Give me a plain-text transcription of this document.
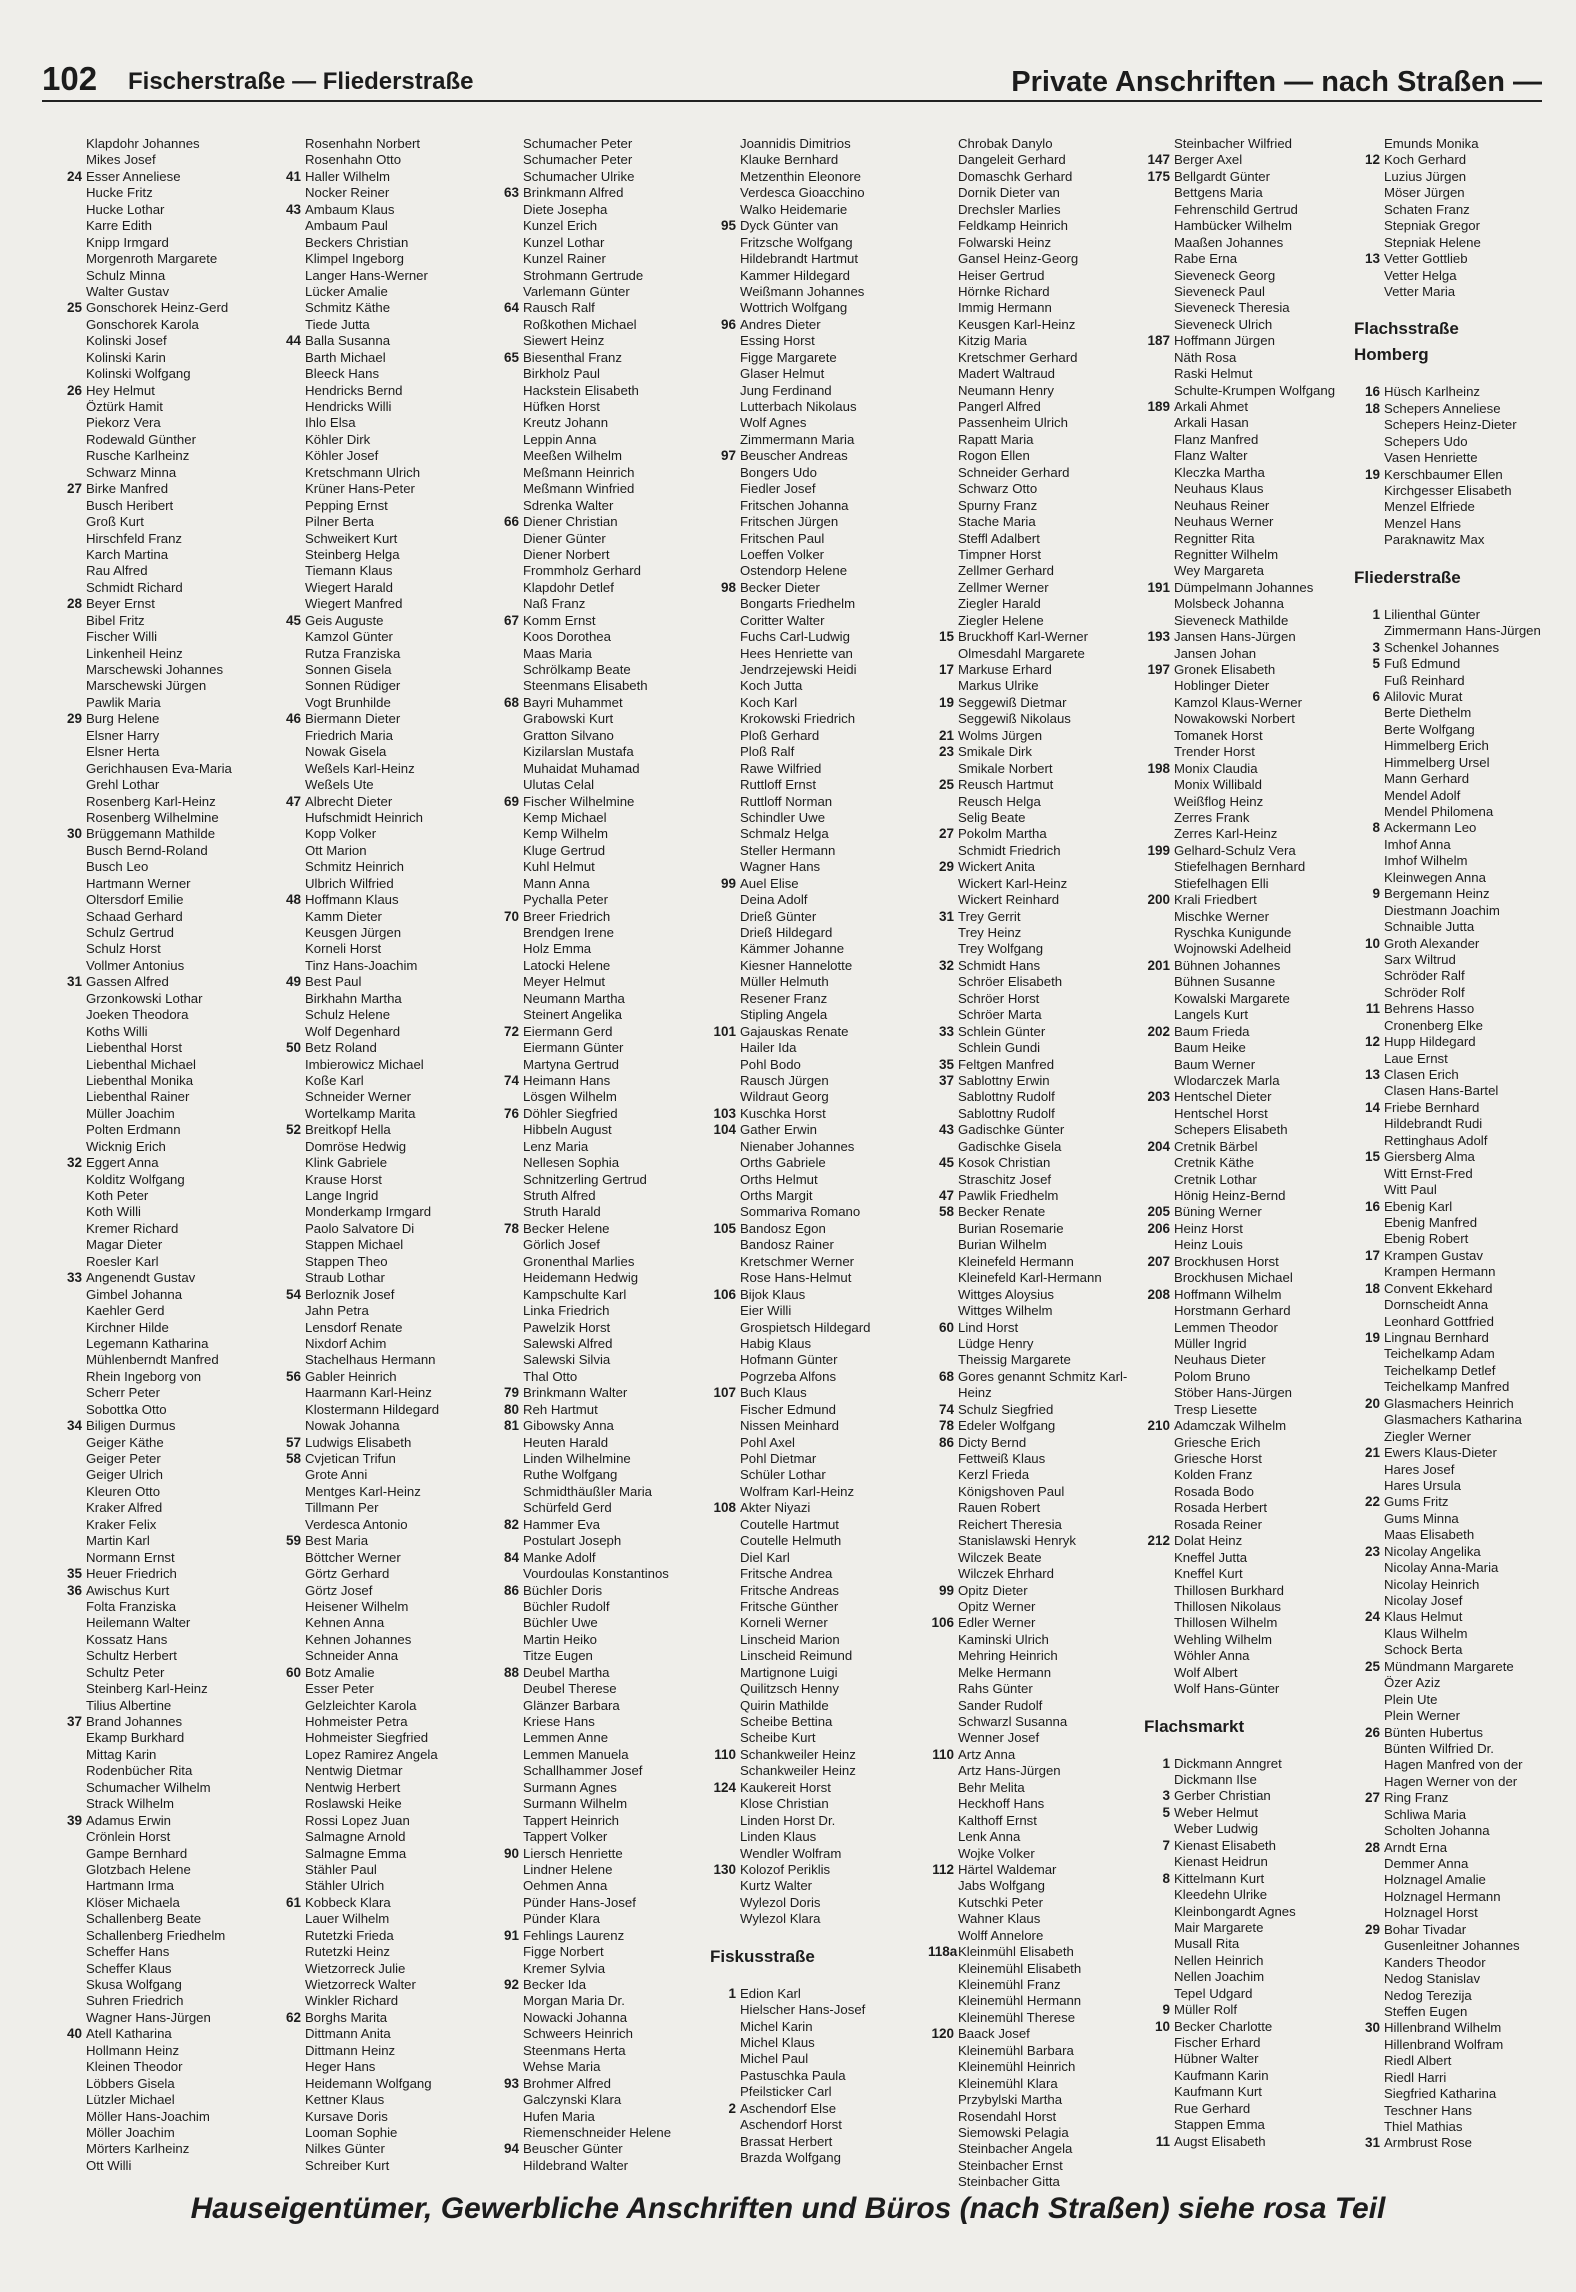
102 Fischerstraße — Fliederstraße	Private Anschriften — nach Straßen —
Klapdohr Johannes
Mikes Josef
24 Esser Anneliese
Hucke Fritz
Hucke Lothar
Karre Edith
Knipp Irmgard
Morgenroth Margarete
Schulz Minna
Walter Gustav
25 Gonschorek Heinz-Gerd
Gonschorek Karola
Kolinski Josef
Kolinski Karin
Kolinski Wolfgang
26 Hey Helmut
Öztürk Hamit
Piekorz Vera
Rodewald Günther
Rusche Karlheinz
Schwarz Minna
27 Birke Manfred
Busch Heribert
Groß Kurt
Hirschfeld Franz
Karch Martina
Rau Alfred
Schmidt Richard
28 Beyer Ernst
Bibel Fritz
Fischer Willi
Linkenheil Heinz
Marschewski Johannes
Marschewski Jürgen
Pawlik Maria
29 Burg Helene
Elsner Harry
Elsner Herta
Gerichhausen Eva-Maria
Grehl Lothar
Rosenberg Karl-Heinz
Rosenberg Wilhelmine
30 Brüggemann Mathilde
Busch Bernd-Roland
Busch Leo
Hartmann Werner
Oltersdorf Emilie
Schaad Gerhard
Schulz Gertrud
Schulz Horst
Vollmer Antonius
31 Gassen Alfred
Grzonkowski Lothar
Joeken Theodora
Koths Willi
Liebenthal Horst
Liebenthal Michael
Liebenthal Monika
Liebenthal Rainer
Müller Joachim
Polten Erdmann
Wicknig Erich
32 Eggert Anna
Kolditz Wolfgang
Koth Peter
Koth Willi
Kremer Richard
Magar Dieter
Roesler Karl
33 Angenendt Gustav
Gimbel Johanna
Kaehler Gerd
Kirchner Hilde
Legemann Katharina
Mühlenberndt Manfred
Rhein Ingeborg von
Scherr Peter
Sobottka Otto
34 Biligen Durmus
Geiger Käthe
Geiger Peter
Geiger Ulrich
Kleuren Otto
Kraker Alfred
Kraker Felix
Martin Karl
Normann Ernst
35 Heuer Friedrich
36 Awischus Kurt
Folta Franziska
Heilemann Walter
Kossatz Hans
Schultz Herbert
Schultz Peter
Steinberg Karl-Heinz
Tilius Albertine
37 Brand Johannes
Ekamp Burkhard
Mittag Karin
Rodenbücher Rita
Schumacher Wilhelm
Strack Wilhelm
39 Adamus Erwin
Crönlein Horst
Gampe Bernhard
Glotzbach Helene
Hartmann Irma
Klöser Michaela
Schallenberg Beate
Schallenberg Friedhelm
Scheffer Hans
Scheffer Klaus
Skusa Wolfgang
Suhren Friedrich
Wagner Hans-Jürgen
40 Atell Katharina
Hollmann Heinz
Kleinen Theodor
Löbbers Gisela
Lützler Michael
Möller Hans-Joachim
Möller Joachim
Mörters Karlheinz
Ott Willi
Rosenhahn Norbert
Rosenhahn Otto
41 Haller Wilhelm
Nocker Reiner
43 Ambaum Klaus
Ambaum Paul
Beckers Christian
Klimpel Ingeborg
Langer Hans-Werner
Lücker Amalie
Schmitz Käthe
Tiede Jutta
44 Balla Susanna
Barth Michael
Bleeck Hans
Hendricks Bernd
Hendricks Willi
Ihlo Elsa
Köhler Dirk
Köhler Josef
Kretschmann Ulrich
Krüner Hans-Peter
Pepping Ernst
Pilner Berta
Schweikert Kurt
Steinberg Helga
Tiemann Klaus
Wiegert Harald
Wiegert Manfred
45 Geis Auguste
Kamzol Günter
Rutza Franziska
Sonnen Gisela
Sonnen Rüdiger
Vogt Brunhilde
46 Biermann Dieter
Friedrich Maria
Nowak Gisela
Weßels Karl-Heinz
Weßels Ute
47 Albrecht Dieter
Hufschmidt Heinrich
Kopp Volker
Ott Marion
Schmitz Heinrich
Ulbrich Wilfried
48 Hoffmann Klaus
Kamm Dieter
Keusgen Jürgen
Korneli Horst
Tinz Hans-Joachim
49 Best Paul
Birkhahn Martha
Schulz Helene
Wolf Degenhard
50 Betz Roland
Imbierowicz Michael
Koße Karl
Schneider Werner
Wortelkamp Marita
52 Breitkopf Hella
Domröse Hedwig
Klink Gabriele
Krause Horst
Lange Ingrid
Monderkamp Irmgard
Paolo Salvatore Di
Stappen Michael
Stappen Theo
Straub Lothar
54 Berloznik Josef
Jahn Petra
Lensdorf Renate
Nixdorf Achim
Stachelhaus Hermann
56 Gabler Heinrich
Haarmann Karl-Heinz
Klostermann Hildegard
Nowak Johanna
57 Ludwigs Elisabeth
58 Cvjetican Trifun
Grote Anni
Mentges Karl-Heinz
Tillmann Per
Verdesca Antonio
59 Best Maria
Böttcher Werner
Görtz Gerhard
Görtz Josef
Heisener Wilhelm
Kehnen Anna
Kehnen Johannes
Schneider Anna
60 Botz Amalie
Esser Peter
Gelzleichter Karola
Hohmeister Petra
Hohmeister Siegfried
Lopez Ramirez Angela
Nentwig Dietmar
Nentwig Herbert
Roslawski Heike
Rossi Lopez Juan
Salmagne Arnold
Salmagne Emma
Stähler Paul
Stähler Ulrich
61 Kobbeck Klara
Lauer Wilhelm
Rutetzki Frieda
Rutetzki Heinz
Wietzorreck Julie
Wietzorreck Walter
Winkler Richard
62 Borghs Marita
Dittmann Anita
Dittmann Heinz
Heger Hans
Heidemann Wolfgang
Kettner Klaus
Kursave Doris
Looman Sophie
Nilkes Günter
Schreiber Kurt
Schumacher Peter
Schumacher Peter
Schumacher Ulrike
63 Brinkmann Alfred
Diete Josepha
Kunzel Erich
Kunzel Lothar
Kunzel Rainer
Strohmann Gertrude
Varlemann Günter
64 Rausch Ralf
Roßkothen Michael
Siewert Heinz
65 Biesenthal Franz
Birkholz Paul
Hackstein Elisabeth
Hüfken Horst
Kreutz Johann
Leppin Anna
Meeßen Wilhelm
Meßmann Heinrich
Meßmann Winfried
Sdrenka Walter
66 Diener Christian
Diener Günter
Diener Norbert
Frommholz Gerhard
Klapdohr Detlef
Naß Franz
67 Komm Ernst
Koos Dorothea
Maas Maria
Schrölkamp Beate
Steenmans Elisabeth
68 Bayri Muhammet
Grabowski Kurt
Gratton Silvano
Kizilarslan Mustafa
Muhaidat Muhamad
Ulutas Celal
69 Fischer Wilhelmine
Kemp Michael
Kemp Wilhelm
Kluge Gertrud
Kuhl Helmut
Mann Anna
Pychalla Peter
70 Breer Friedrich
Brendgen Irene
Holz Emma
Latocki Helene
Meyer Helmut
Neumann Martha
Steinert Angelika
72 Eiermann Gerd
Eiermann Günter
Martyna Gertrud
74 Heimann Hans
Lösgen Wilhelm
76 Döhler Siegfried
Hibbeln August
Lenz Maria
Nellesen Sophia
Schnitzerling Gertrud
Struth Alfred
Struth Harald
78 Becker Helene
Görlich Josef
Gronenthal Marlies
Heidemann Hedwig
Kampschulte Karl
Linka Friedrich
Pawelzik Horst
Salewski Alfred
Salewski Silvia
Thal Otto
79 Brinkmann Walter
80 Reh Hartmut
81 Gibowsky Anna
Heuten Harald
Linden Wilhelmine
Ruthe Wolfgang
Schmidthäußler Maria
Schürfeld Gerd
82 Hammer Eva
Postulart Joseph
84 Manke Adolf
Vourdoulas Konstantinos
86 Büchler Doris
Büchler Rudolf
Büchler Uwe
Martin Heiko
Titze Eugen
88 Deubel Martha
Deubel Therese
Glänzer Barbara
Kriese Hans
Lemmen Anne
Lemmen Manuela
Schallhammer Josef
Surmann Agnes
Surmann Wilhelm
Tappert Heinrich
Tappert Volker
90 Liersch Henriette
Lindner Helene
Oehmen Anna
Pünder Hans-Josef
Pünder Klara
91 Fehlings Laurenz
Figge Norbert
Kremer Sylvia
92 Becker Ida
Morgan Maria Dr.
Nowacki Johanna
Schweers Heinrich
Steenmans Herta
Wehse Maria
93 Brohmer Alfred
Galczynski Klara
Hufen Maria
Riemenschneider Helene
94 Beuscher Günter
Hildebrand Walter
Joannidis Dimitrios
Klauke Bernhard
Metzenthin Eleonore
Verdesca Gioacchino
Walko Heidemarie
95 Dyck Günter van
Fritzsche Wolfgang
Hildebrandt Hartmut
Kammer Hildegard
Weißmann Johannes
Wottrich Wolfgang
96 Andres Dieter
Essing Horst
Figge Margarete
Glaser Helmut
Jung Ferdinand
Lutterbach Nikolaus
Wolf Agnes
Zimmermann Maria
97 Beuscher Andreas
Bongers Udo
Fiedler Josef
Fritschen Johanna
Fritschen Jürgen
Fritschen Paul
Loeffen Volker
Ostendorp Helene
98 Becker Dieter
Bongarts Friedhelm
Coritter Walter
Fuchs Carl-Ludwig
Hees Henriette van
Jendrzejewski Heidi
Koch Jutta
Koch Karl
Krokowski Friedrich
Ploß Gerhard
Ploß Ralf
Rawe Wilfried
Ruttloff Ernst
Ruttloff Norman
Schindler Uwe
Schmalz Helga
Steller Hermann
Wagner Hans
99 Auel Elise
Deina Adolf
Drieß Günter
Drieß Hildegard
Kämmer Johanne
Kiesner Hannelotte
Müller Helmuth
Resener Franz
Stipling Angela
101 Gajauskas Renate
Hailer Ida
Pohl Bodo
Rausch Jürgen
Wildraut Georg
103 Kuschka Horst
104 Gather Erwin
Nienaber Johannes
Orths Gabriele
Orths Helmut
Orths Margit
Sommariva Romano
105 Bandosz Egon
Bandosz Rainer
Kretschmer Werner
Rose Hans-Helmut
106 Bijok Klaus
Eier Willi
Grospietsch Hildegard
Habig Klaus
Hofmann Günter
Pogrzeba Alfons
107 Buch Klaus
Fischer Edmund
Nissen Meinhard
Pohl Axel
Pohl Dietmar
Schüler Lothar
Wolfram Karl-Heinz
108 Akter Niyazi
Coutelle Hartmut
Coutelle Helmuth
Diel Karl
Fritsche Andrea
Fritsche Andreas
Fritsche Günther
Korneli Werner
Linscheid Marion
Linscheid Reimund
Martignone Luigi
Quilitzsch Henny
Quirin Mathilde
Scheibe Bettina
Scheibe Kurt
110 Schankweiler Heinz
Schankweiler Heinz
124 Kaukereit Horst
Klose Christian
Linden Horst Dr.
Linden Klaus
Wendler Wolfram
130 Kolozof Periklis
Kurtz Walter
Wylezol Doris
Wylezol Klara
Fiskusstraße
1 Edion Karl
Hielscher Hans-Josef
Michel Karin
Michel Klaus
Michel Paul
Pastuschka Paula
Pfeilsticker Carl
2 Aschendorf Else
Aschendorf Horst
Brassat Herbert
Brazda Wolfgang
Chrobak Danylo
Dangeleit Gerhard
Domaschk Gerhard
Dornik Dieter van
Drechsler Marlies
Feldkamp Heinrich
Folwarski Heinz
Gansel Heinz-Georg
Heiser Gertrud
Hörnke Richard
Immig Hermann
Keusgen Karl-Heinz
Kitzig Maria
Kretschmer Gerhard
Madert Waltraud
Neumann Henry
Pangerl Alfred
Passenheim Ulrich
Rapatt Maria
Rogon Ellen
Schneider Gerhard
Schwarz Otto
Spurny Franz
Stache Maria
Steffl Adalbert
Timpner Horst
Zellmer Gerhard
Zellmer Werner
Ziegler Harald
Ziegler Helene
15 Bruckhoff Karl-Werner
Olmesdahl Margarete
17 Markuse Erhard
Markus Ulrike
19 Seggewiß Dietmar
Seggewiß Nikolaus
21 Wolms Jürgen
23 Smikale Dirk
Smikale Norbert
25 Reusch Hartmut
Reusch Helga
Selig Beate
27 Pokolm Martha
Schmidt Friedrich
29 Wickert Anita
Wickert Karl-Heinz
Wickert Reinhard
31 Trey Gerrit
Trey Heinz
Trey Wolfgang
32 Schmidt Hans
Schröer Elisabeth
Schröer Horst
Schröer Marta
33 Schlein Günter
Schlein Gundi
35 Feltgen Manfred
37 Sablottny Erwin
Sablottny Rudolf
Sablottny Rudolf
43 Gadischke Günter
Gadischke Gisela
45 Kosok Christian
Straschitz Josef
47 Pawlik Friedhelm
58 Becker Renate
Burian Rosemarie
Burian Wilhelm
Kleinefeld Hermann
Kleinefeld Karl-Hermann
Wittges Aloysius
Wittges Wilhelm
60 Lind Horst
Lüdge Henry
Theissig Margarete
68 Gores genannt Schmitz Karl-
Heinz
74 Schulz Siegfried
78 Edeler Wolfgang
86 Dicty Bernd
Fettweiß Klaus
Kerzl Frieda
Königshoven Paul
Rauen Robert
Reichert Theresia
Stanislawski Henryk
Wilczek Beate
Wilczek Ehrhard
99 Opitz Dieter
Opitz Werner
106 Edler Werner
Kaminski Ulrich
Mehring Heinrich
Melke Hermann
Rahs Günter
Sander Rudolf
Schwarzl Susanna
Wenner Josef
110 Artz Anna
Artz Hans-Jürgen
Behr Melita
Heckhoff Hans
Kalthoff Ernst
Lenk Anna
Wojke Volker
112 Härtel Waldemar
Jabs Wolfgang
Kutschki Peter
Wahner Klaus
Wolff Annelore
118aKleinmühl Elisabeth
Kleinemühl Elisabeth
Kleinemühl Franz
Kleinemühl Hermann
Kleinemühl Therese
120 Baack Josef
Kleinemühl Barbara
Kleinemühl Heinrich
Kleinemühl Klara
Przybylski Martha
Rosendahl Horst
Siemowski Pelagia
Steinbacher Angela
Steinbacher Ernst
Steinbacher Gitta
Steinbacher Wilfried
147 Berger Axel
175 Bellgardt Günter
Bettgens Maria
Fehrenschild Gertrud
Hambücker Wilhelm
Maaßen Johannes
Rabe Erna
Sieveneck Georg
Sieveneck Paul
Sieveneck Theresia
Sieveneck Ulrich
187 Hoffmann Jürgen
Näth Rosa
Raski Helmut
Schulte-Krumpen Wolfgang
189 Arkali Ahmet
Arkali Hasan
Flanz Manfred
Flanz Walter
Kleczka Martha
Neuhaus Klaus
Neuhaus Reiner
Neuhaus Werner
Regnitter Rita
Regnitter Wilhelm
Wey Margareta
191 Dümpelmann Johannes
Molsbeck Johanna
Sieveneck Mathilde
193 Jansen Hans-Jürgen
Jansen Johan
197 Gronek Elisabeth
Hoblinger Dieter
Kamzol Klaus-Werner
Nowakowski Norbert
Tomanek Horst
Trender Horst
198 Monix Claudia
Monix Willibald
Weißflog Heinz
Zerres Frank
Zerres Karl-Heinz
199 Gelhard-Schulz Vera
Stiefelhagen Bernhard
Stiefelhagen Elli
200 Krali Friedbert
Mischke Werner
Ryschka Kunigunde
Wojnowski Adelheid
201 Bühnen Johannes
Bühnen Susanne
Kowalski Margarete
Langels Kurt
202 Baum Frieda
Baum Heike
Baum Werner
Wlodarczek Marla
203 Hentschel Dieter
Hentschel Horst
Schepers Elisabeth
204 Cretnik Bärbel
Cretnik Käthe
Cretnik Lothar
Hönig Heinz-Bernd
205 Büning Werner
206 Heinz Horst
Heinz Louis
207 Brockhusen Horst
Brockhusen Michael
208 Hoffmann Wilhelm
Horstmann Gerhard
Lemmen Theodor
Müller Ingrid
Neuhaus Dieter
Polom Bruno
Stöber Hans-Jürgen
Tresp Liesette
210 Adamczak Wilhelm
Griesche Erich
Griesche Horst
Kolden Franz
Rosada Bodo
Rosada Herbert
Rosada Reiner
212 Dolat Heinz
Kneffel Jutta
Kneffel Kurt
Thillosen Burkhard
Thillosen Nikolaus
Thillosen Wilhelm
Wehling Wilhelm
Wöhler Anna
Wolf Albert
Wolf Hans-Günter
Flachsmarkt
1 Dickmann Anngret
Dickmann Ilse
3 Gerber Christian
5 Weber Helmut
Weber Ludwig
7 Kienast Elisabeth
Kienast Heidrun
8 Kittelmann Kurt
Kleedehn Ulrike
Kleinbongardt Agnes
Mair Margarete
Musall Rita
Nellen Heinrich
Nellen Joachim
Tepel Udgard
9 Müller Rolf
10 Becker Charlotte
Fischer Erhard
Hübner Walter
Kaufmann Karin
Kaufmann Kurt
Rue Gerhard
Stappen Emma
11 Augst Elisabeth
Emunds Monika
12 Koch Gerhard
Luzius Jürgen
Möser Jürgen
Schaten Franz
Stepniak Gregor
Stepniak Helene
13 Vetter Gottlieb
Vetter Helga
Vetter Maria
Flachsstraße
Homberg
16 Hüsch Karlheinz
18 Schepers Anneliese
Schepers Heinz-Dieter
Schepers Udo
Vasen Henriette
19 Kerschbaumer Ellen
Kirchgesser Elisabeth
Menzel Elfriede
Menzel Hans
Paraknawitz Max
Fliederstraße
1 Lilienthal Günter
Zimmermann Hans-Jürgen
3 Schenkel Johannes
5 Fuß Edmund
Fuß Reinhard
6 Alilovic Murat
Berte Diethelm
Berte Wolfgang
Himmelberg Erich
Himmelberg Ursel
Mann Gerhard
Mendel Adolf
Mendel Philomena
8 Ackermann Leo
Imhof Anna
Imhof Wilhelm
Kleinwegen Anna
9 Bergemann Heinz
Diestmann Joachim
Schnaible Jutta
10 Groth Alexander
Sarx Wiltrud
Schröder Ralf
Schröder Rolf
11 Behrens Hasso
Cronenberg Elke
12 Hupp Hildegard
Laue Ernst
13 Clasen Erich
Clasen Hans-Bartel
14 Friebe Bernhard
Hildebrandt Rudi
Rettinghaus Adolf
15 Giersberg Alma
Witt Ernst-Fred
Witt Paul
16 Ebenig Karl
Ebenig Manfred
Ebenig Robert
17 Krampen Gustav
Krampen Hermann
18 Convent Ekkehard
Dornscheidt Anna
Leonhard Gottfried
19 Lingnau Bernhard
Teichelkamp Adam
Teichelkamp Detlef
Teichelkamp Manfred
20 Glasmachers Heinrich
Glasmachers Katharina
Ziegler Werner
21 Ewers Klaus-Dieter
Hares Josef
Hares Ursula
22 Gums Fritz
Gums Minna
Maas Elisabeth
23 Nicolay Angelika
Nicolay Anna-Maria
Nicolay Heinrich
Nicolay Josef
24 Klaus Helmut
Klaus Wilhelm
Schock Berta
25 Mündmann Margarete
Özer Aziz
Plein Ute
Plein Werner
26 Bünten Hubertus
Bünten Wilfried Dr.
Hagen Manfred von der
Hagen Werner von der
27 Ring Franz
Schliwa Maria
Scholten Johanna
28 Arndt Erna
Demmer Anna
Holznagel Amalie
Holznagel Hermann
Holznagel Horst
29 Bohar Tivadar
Gusenleitner Johannes
Kanders Theodor
Nedog Stanislav
Nedog Terezija
Steffen Eugen
30 Hillenbrand Wilhelm
Hillenbrand Wolfram
Riedl Albert
Riedl Harri
Siegfried Katharina
Teschner Hans
Thiel Mathias
31 Armbrust Rose
Hauseigentümer, Gewerbliche Anschriften und Büros (nach Straßen) siehe rosa Teil
